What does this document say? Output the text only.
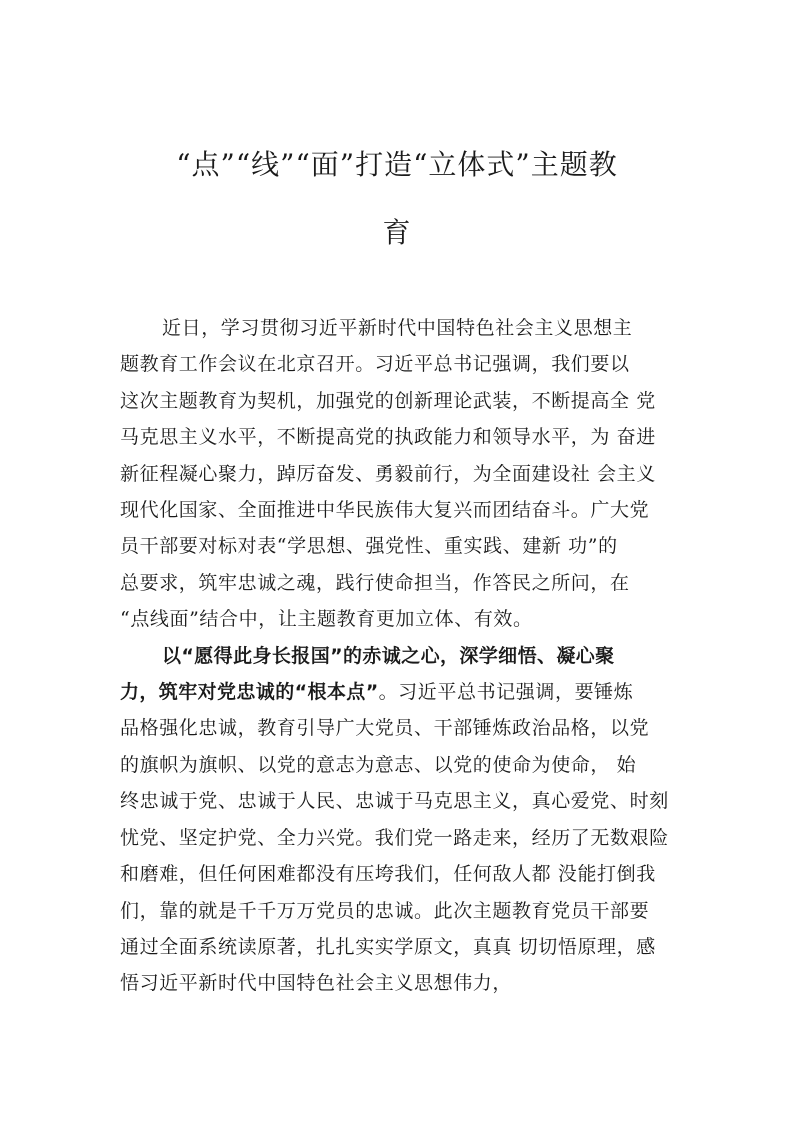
“点”“线”“面”打造“立体式”主题教
育
近日，学习贯彻习近平新时代中国特色社会主义思想主
题教育工作会议在北京召开。习近平总书记强调，我们要以
这次主题教育为契机，加强党的创新理论武装，不断提高全 党
马克思主义水平，不断提高党的执政能力和领导水平，为 奋进
新征程凝心聚力，踔厉奋发、勇毅前行，为全面建设社 会主义
现代化国家、全面推进中华民族伟大复兴而团结奋斗。广大党
员干部要对标对表“学思想、强党性、重实践、建新 功”的
总要求，筑牢忠诚之魂，践行使命担当，作答民之所问，在
“点线面”结合中，让主题教育更加立体、有效。
以“愿得此身长报国”的赤诚之心，深学细悟、凝心聚
力，筑牢对党忠诚的“根本点”。习近平总书记强调，要锤炼
品格强化忠诚，教育引导广大党员、干部锤炼政治品格，以党
的旗帜为旗帜、以党的意志为意志、以党的使命为使命， 始
终忠诚于党、忠诚于人民、忠诚于马克思主义，真心爱党、时刻
忧党、坚定护党、全力兴党。我们党一路走来，经历了无数艰险
和磨难，但任何困难都没有压垮我们，任何敌人都 没能打倒我
们，靠的就是千千万万党员的忠诚。此次主题教育党员干部要
通过全面系统读原著，扎扎实实学原文，真真 切切悟原理，感
悟习近平新时代中国特色社会主义思想伟力，
